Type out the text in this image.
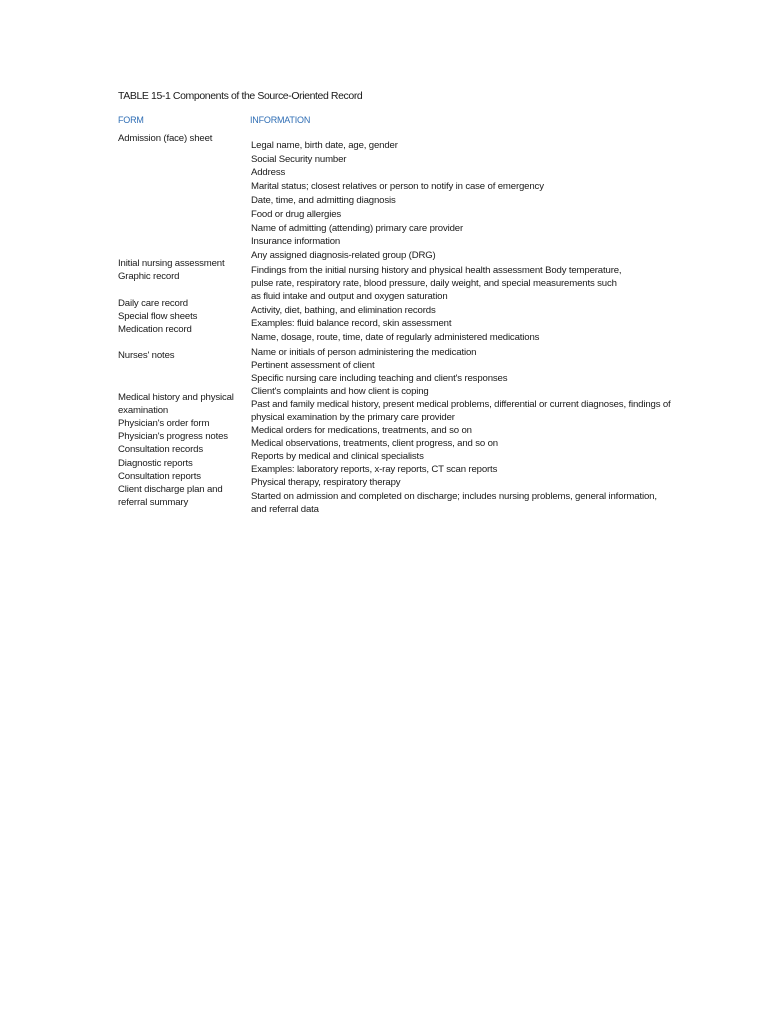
TABLE 15-1 Components of the Source-Oriented Record
FORM	INFORMATION
Admission (face) sheet
Initial nursing assessment
Graphic record
Daily care record
Special flow sheets
Medication record
Nurses' notes
Medical history and physical
examination
Physician's order form
Physician's progress notes
Consultation records
Diagnostic reports
Consultation reports
Client discharge plan and
referral summary
Legal name, birth date, age, gender
Social Security number
Address
Marital status; closest relatives or person to notify in case of emergency
Date, time, and admitting diagnosis
Food or drug allergies
Name of admitting (attending) primary care provider
Insurance information
Any assigned diagnosis-related group (DRG)
Findings from the initial nursing history and physical health assessment Body temperature,
pulse rate, respiratory rate, blood pressure, daily weight, and special measurements such
as fluid intake and output and oxygen saturation
Activity, diet, bathing, and elimination records
Examples: fluid balance record, skin assessment
Name, dosage, route, time, date of regularly administered medications
Name or initials of person administering the medication
Pertinent assessment of client
Specific nursing care including teaching and client's responses
Client's complaints and how client is coping
Past and family medical history, present medical problems, differential or current diagnoses, findings of
physical examination by the primary care provider
Medical orders for medications, treatments, and so on
Medical observations, treatments, client progress, and so on
Reports by medical and clinical specialists
Examples: laboratory reports, x-ray reports, CT scan reports
Physical therapy, respiratory therapy
Started on admission and completed on discharge; includes nursing problems, general information,
and referral data
